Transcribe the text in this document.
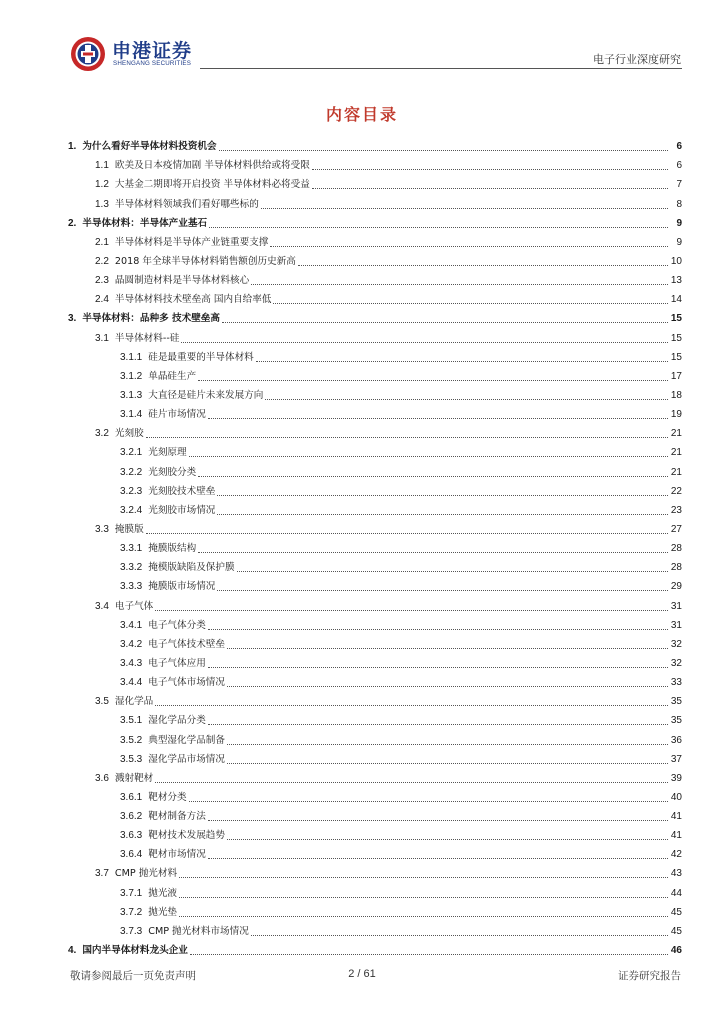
申港证券
SHENGANG SECURITIES	电子行业深度研究
内容目录
1. 为什么看好半导体材料投资机会	6
1.1 欧美及日本疫情加剧 半导体材料供给或将受限	6
1.2 大基金二期即将开启投资 半导体材料必将受益	7
1.3 半导体材料领域我们看好哪些标的	8
2. 半导体材料：半导体产业基石	9
2.1 半导体材料是半导体产业链重要支撑	9
2.2 2018 年全球半导体材料销售额创历史新高	10
2.3 晶圆制造材料是半导体材料核心	13
2.4 半导体材料技术壁垒高 国内自给率低	14
3. 半导体材料：品种多 技术壁垒高	15
3.1 半导体材料--硅	15
3.1.1 硅是最重要的半导体材料	15
3.1.2 单晶硅生产	17
3.1.3 大直径是硅片未来发展方向	18
3.1.4 硅片市场情况	19
3.2 光刻胶	21
3.2.1 光刻原理	21
3.2.2 光刻胶分类	21
3.2.3 光刻胶技术壁垒	22
3.2.4 光刻胶市场情况	23
3.3 掩膜版	27
3.3.1 掩膜版结构	28
3.3.2 掩模版缺陷及保护膜	28
3.3.3 掩膜版市场情况	29
3.4 电子气体	31
3.4.1 电子气体分类	31
3.4.2 电子气体技术壁垒	32
3.4.3 电子气体应用	32
3.4.4 电子气体市场情况	33
3.5 湿化学品	35
3.5.1 湿化学品分类	35
3.5.2 典型湿化学品制备	36
3.5.3 湿化学品市场情况	37
3.6 溅射靶材	39
3.6.1 靶材分类	40
3.6.2 靶材制备方法	41
3.6.3 靶材技术发展趋势	41
3.6.4 靶材市场情况	42
3.7 CMP 抛光材料	43
3.7.1 抛光液	44
3.7.2 抛光垫	45
3.7.3 CMP 抛光材料市场情况	45
4. 国内半导体材料龙头企业	46
敬请参阅最后一页免责声明	2 / 61	证券研究报告
